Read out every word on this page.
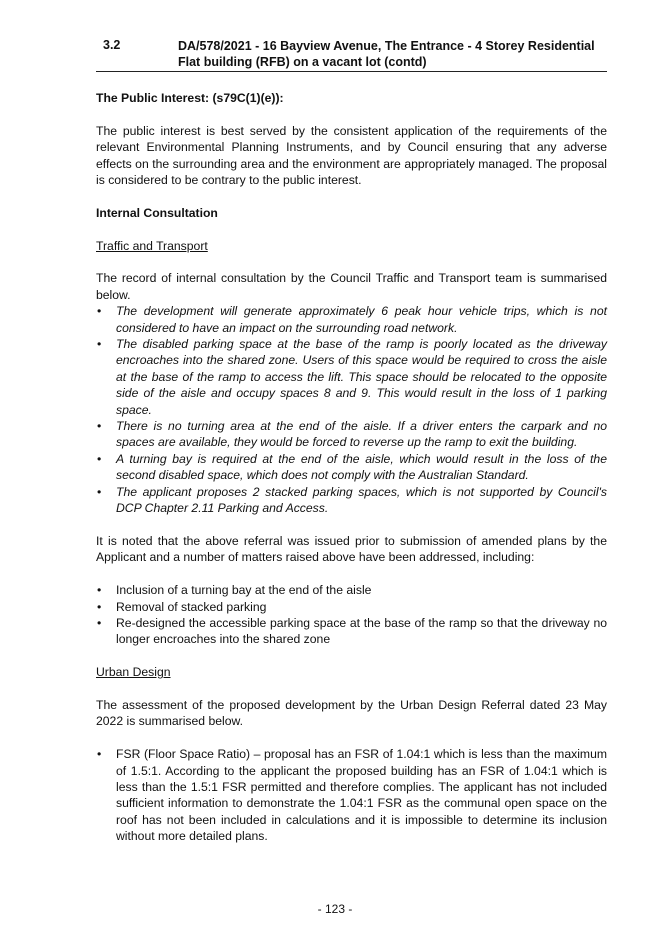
3.2	DA/578/2021 - 16 Bayview Avenue, The Entrance - 4 Storey Residential Flat building (RFB) on a vacant lot (contd)

The Public Interest: (s79C(1)(e)):

The public interest is best served by the consistent application of the requirements of the relevant Environmental Planning Instruments, and by Council ensuring that any adverse effects on the surrounding area and the environment are appropriately managed. The proposal is considered to be contrary to the public interest.

Internal Consultation

Traffic and Transport

The record of internal consultation by the Council Traffic and Transport team is summarised below.

• The development will generate approximately 6 peak hour vehicle trips, which is not considered to have an impact on the surrounding road network.
• The disabled parking space at the base of the ramp is poorly located as the driveway encroaches into the shared zone. Users of this space would be required to cross the aisle at the base of the ramp to access the lift. This space should be relocated to the opposite side of the aisle and occupy spaces 8 and 9. This would result in the loss of 1 parking space.
• There is no turning area at the end of the aisle. If a driver enters the carpark and no spaces are available, they would be forced to reverse up the ramp to exit the building.
• A turning bay is required at the end of the aisle, which would result in the loss of the second disabled space, which does not comply with the Australian Standard.
• The applicant proposes 2 stacked parking spaces, which is not supported by Council's DCP Chapter 2.11 Parking and Access.

It is noted that the above referral was issued prior to submission of amended plans by the Applicant and a number of matters raised above have been addressed, including:

• Inclusion of a turning bay at the end of the aisle
• Removal of stacked parking
• Re-designed the accessible parking space at the base of the ramp so that the driveway no longer encroaches into the shared zone

Urban Design

The assessment of the proposed development by the Urban Design Referral dated 23 May 2022 is summarised below.

• FSR (Floor Space Ratio) – proposal has an FSR of 1.04:1 which is less than the maximum of 1.5:1. According to the applicant the proposed building has an FSR of 1.04:1 which is less than the 1.5:1 FSR permitted and therefore complies. The applicant has not included sufficient information to demonstrate the 1.04:1 FSR as the communal open space on the roof has not been included in calculations and it is impossible to determine its inclusion without more detailed plans.
- 123 -
